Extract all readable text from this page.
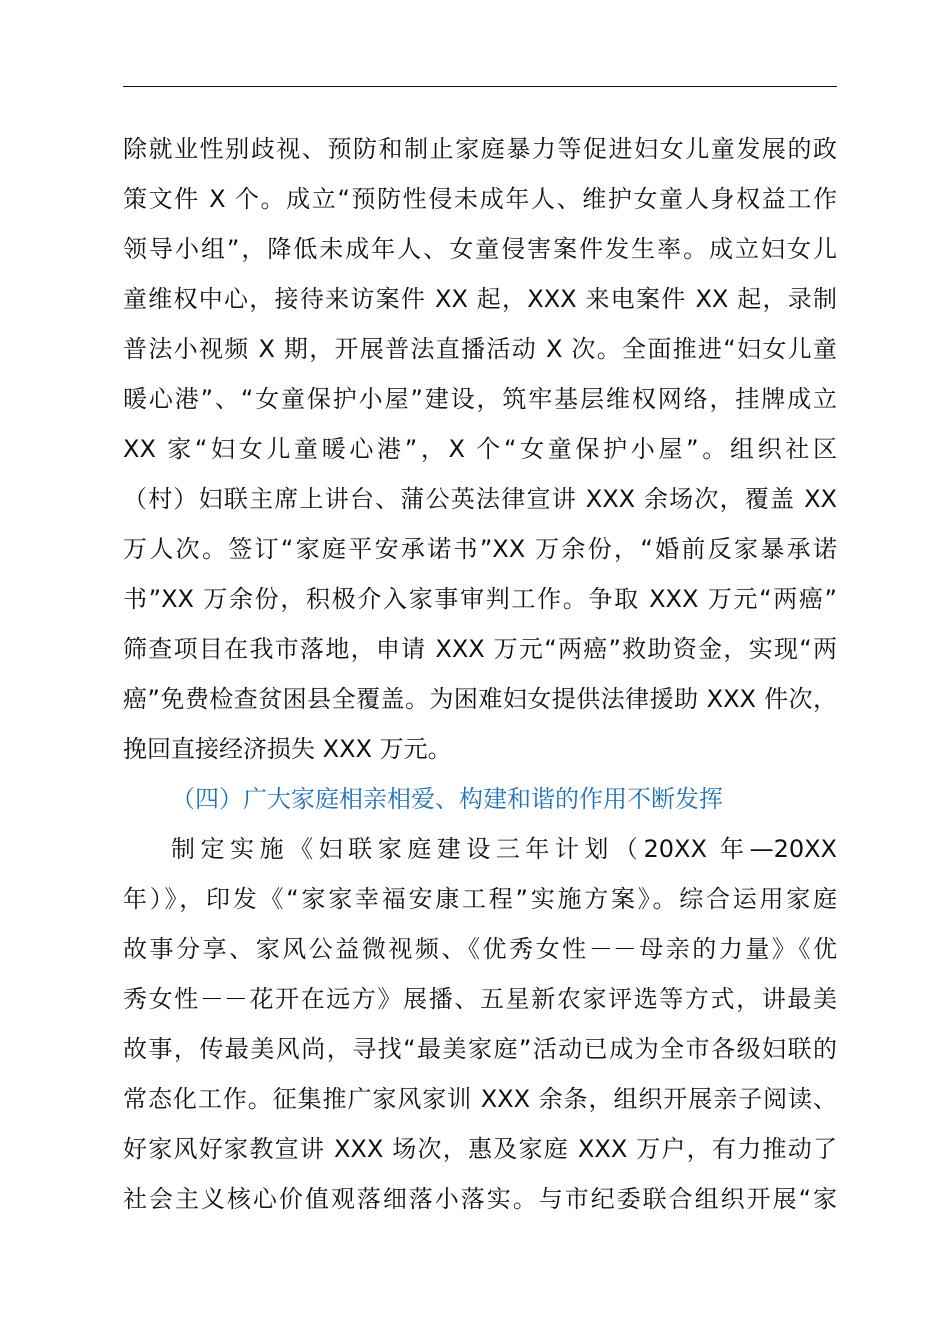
除就业性别歧视、预防和制止家庭暴力等促进妇女儿童发展的政
策文件 X 个。成立“预防性侵未成年人、维护女童人身权益工作
领导小组”，降低未成年人、女童侵害案件发生率。成立妇女儿
童维权中心，接待来访案件 XX 起，XXX 来电案件 XX 起，录制
普法小视频 X 期，开展普法直播活动 X 次。全面推进“妇女儿童
暖心港”、“女童保护小屋”建设，筑牢基层维权网络，挂牌成立
XX 家“妇女儿童暖心港”，X 个“女童保护小屋”。组织社区
（村）妇联主席上讲台、蒲公英法律宣讲 XXX 余场次，覆盖 XX
万人次。签订“家庭平安承诺书”XX 万余份，“婚前反家暴承诺
书”XX 万余份，积极介入家事审判工作。争取 XXX 万元“两癌”
筛查项目在我市落地，申请 XXX 万元“两癌”救助资金，实现“两
癌”免费检查贫困县全覆盖。为困难妇女提供法律援助 XXX 件次，
挽回直接经济损失 XXX 万元。
（四）广大家庭相亲相爱、构建和谐的作用不断发挥
制定实施《妇联家庭建设三年计划（20XX 年—20XX
年）》，印发《“家家幸福安康工程”实施方案》。综合运用家庭
故事分享、家风公益微视频、《优秀女性－－母亲的力量》《优
秀女性－－花开在远方》展播、五星新农家评选等方式，讲最美
故事，传最美风尚，寻找“最美家庭”活动已成为全市各级妇联的
常态化工作。征集推广家风家训 XXX 余条，组织开展亲子阅读、
好家风好家教宣讲 XXX 场次，惠及家庭 XXX 万户，有力推动了
社会主义核心价值观落细落小落实。与市纪委联合组织开展“家
